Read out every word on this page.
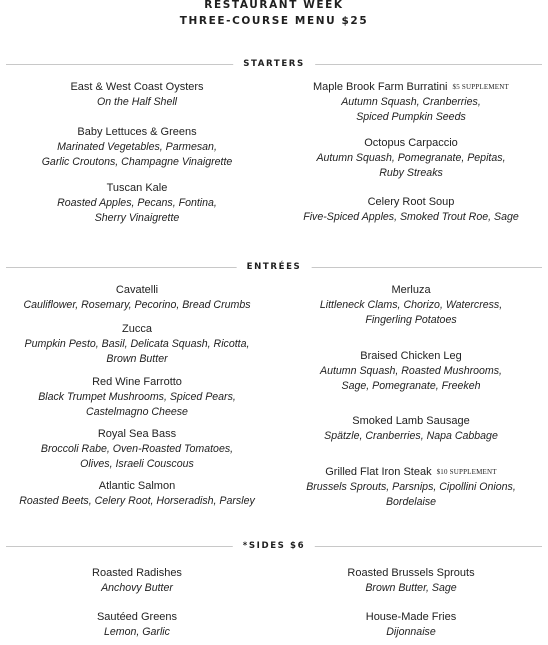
RESTAURANT WEEK
THREE-COURSE MENU $25
STARTERS
East & West Coast Oysters
On the Half Shell
Baby Lettuces & Greens
Marinated Vegetables, Parmesan,
Garlic Croutons, Champagne Vinaigrette
Tuscan Kale
Roasted Apples, Pecans, Fontina,
Sherry Vinaigrette
Maple Brook Farm Burratini $5 SUPPLEMENT
Autumn Squash, Cranberries,
Spiced Pumpkin Seeds
Octopus Carpaccio
Autumn Squash, Pomegranate, Pepitas,
Ruby Streaks
Celery Root Soup
Five-Spiced Apples, Smoked Trout Roe, Sage
ENTRÉES
Cavatelli
Cauliflower, Rosemary, Pecorino, Bread Crumbs
Zucca
Pumpkin Pesto, Basil, Delicata Squash, Ricotta,
Brown Butter
Red Wine Farrotto
Black Trumpet Mushrooms, Spiced Pears,
Castelmagno Cheese
Royal Sea Bass
Broccoli Rabe, Oven-Roasted Tomatoes,
Olives, Israeli Couscous
Atlantic Salmon
Roasted Beets, Celery Root, Horseradish, Parsley
Merluza
Littleneck Clams, Chorizo, Watercress,
Fingerling Potatoes
Braised Chicken Leg
Autumn Squash, Roasted Mushrooms,
Sage, Pomegranate, Freekeh
Smoked Lamb Sausage
Spätzle, Cranberries, Napa Cabbage
Grilled Flat Iron Steak $10 SUPPLEMENT
Brussels Sprouts, Parsnips, Cipollini Onions,
Bordelaise
*SIDES $6
Roasted Radishes
Anchovy Butter
Sautéed Greens
Lemon, Garlic
Roasted Brussels Sprouts
Brown Butter, Sage
House-Made Fries
Dijonnaise
